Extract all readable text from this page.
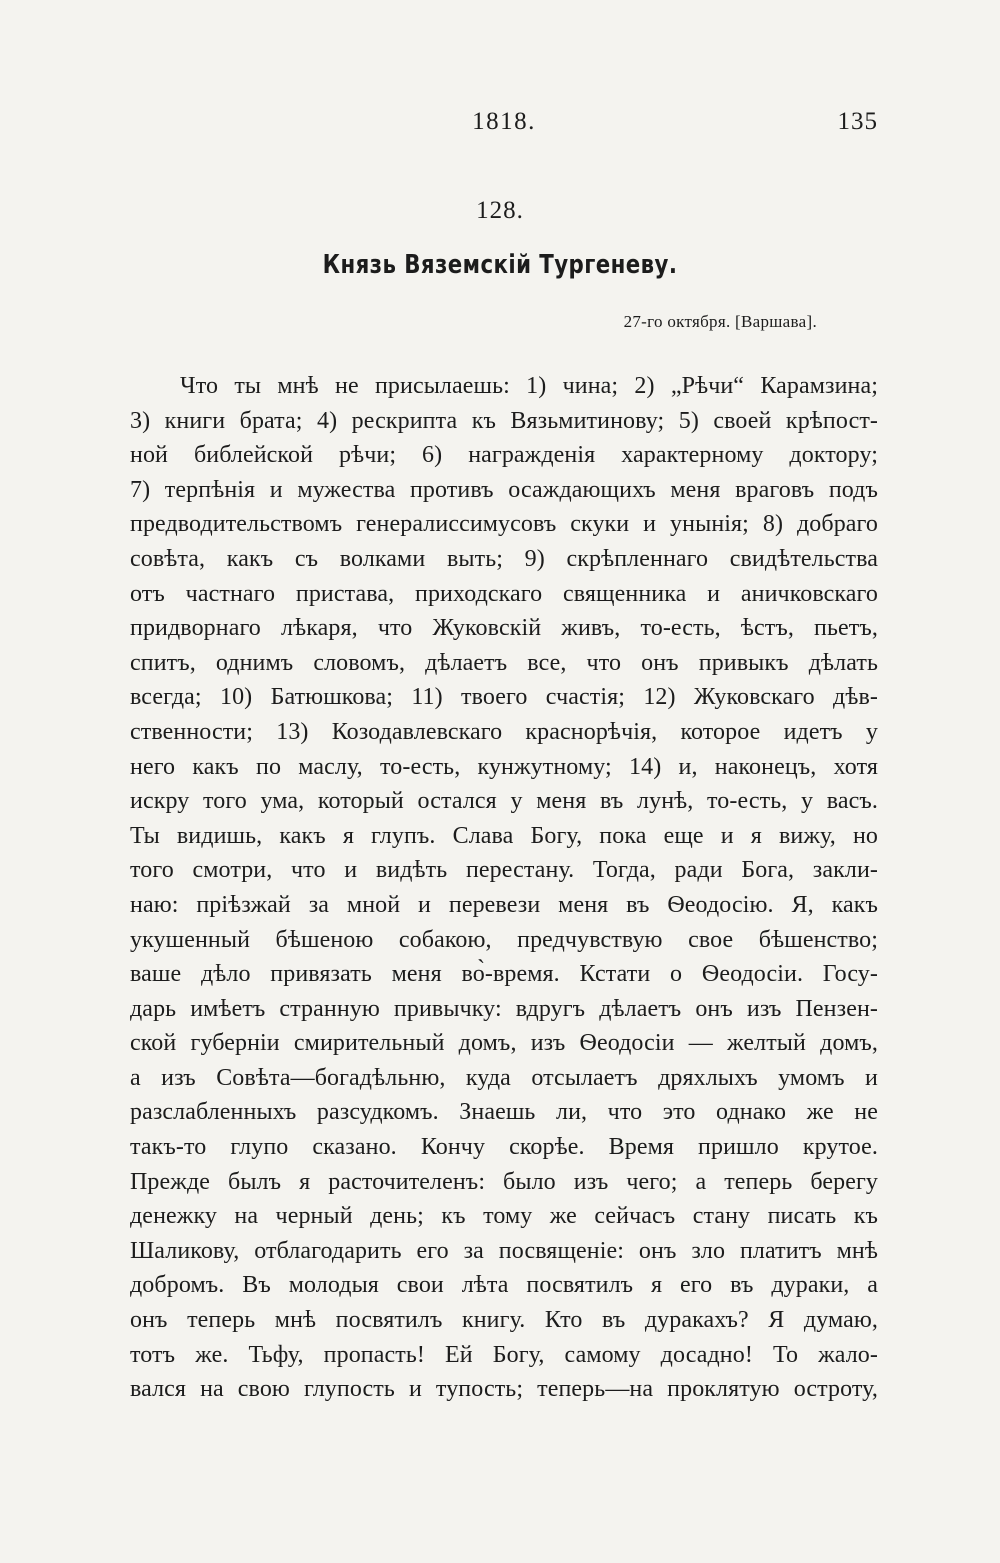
1818.	135
128.
Князь Вяземскій Тургеневу.
27-го октября. [Варшава].
Что ты мнѣ не присылаешь: 1) чина; 2) „Рѣчи“ Карамзина;
3) книги брата; 4) рескрипта къ Вязьмитинову; 5) своей крѣпост-
ной библейской рѣчи; 6) награжденія характерному доктору;
7) терпѣнія и мужества противъ осаждающихъ меня враговъ подъ
предводительствомъ генералиссимусовъ скуки и унынія; 8) добраго
совѣта, какъ съ волками выть; 9) скрѣпленнаго свидѣтельства
отъ частнаго пристава, приходскаго священника и аничковскаго
придворнаго лѣкаря, что Жуковскій живъ, то-есть, ѣстъ, пьетъ,
спитъ, однимъ словомъ, дѣлаетъ все, что онъ привыкъ дѣлать
всегда; 10) Батюшкова; 11) твоего счастія; 12) Жуковскаго дѣв-
ственности; 13) Козодавлевскаго краснорѣчія, которое идетъ у
него какъ по маслу, то-есть, кунжутному; 14) и, наконецъ, хотя
искру того ума, который остался у меня въ лунѣ, то-есть, у васъ.
Ты видишь, какъ я глупъ. Слава Богу, пока еще и я вижу, но
того смотри, что и видѣть перестану. Тогда, ради Бога, закли-
наю: пріѣзжай за мной и перевези меня въ Ѳеодосію. Я, какъ
укушенный бѣшеною собакою, предчувствую свое бѣшенство;
ваше дѣло привязать меня во̀-время. Кстати о Ѳеодосіи. Госу-
дарь имѣетъ странную привычку: вдругъ дѣлаетъ онъ изъ Пензен-
ской губерніи смирительный домъ, изъ Ѳеодосіи — желтый домъ,
а изъ Совѣта—богадѣльню, куда отсылаетъ дряхлыхъ умомъ и
разслабленныхъ разсудкомъ. Знаешь ли, что это однако же не
такъ-то глупо сказано. Кончу скорѣе. Время пришло крутое.
Прежде былъ я расточителенъ: было изъ чего; а теперь берегу
денежку на черный день; къ тому же сейчасъ стану писать къ
Шаликову, отблагодарить его за посвященіе: онъ зло платитъ мнѣ
добромъ. Въ молодыя свои лѣта посвятилъ я его въ дураки, а
онъ теперь мнѣ посвятилъ книгу. Кто въ дуракахъ? Я думаю,
тотъ же. Тьфу, пропасть! Ей Богу, самому досадно! То жало-
вался на свою глупость и тупость; теперь—на проклятую остроту,
